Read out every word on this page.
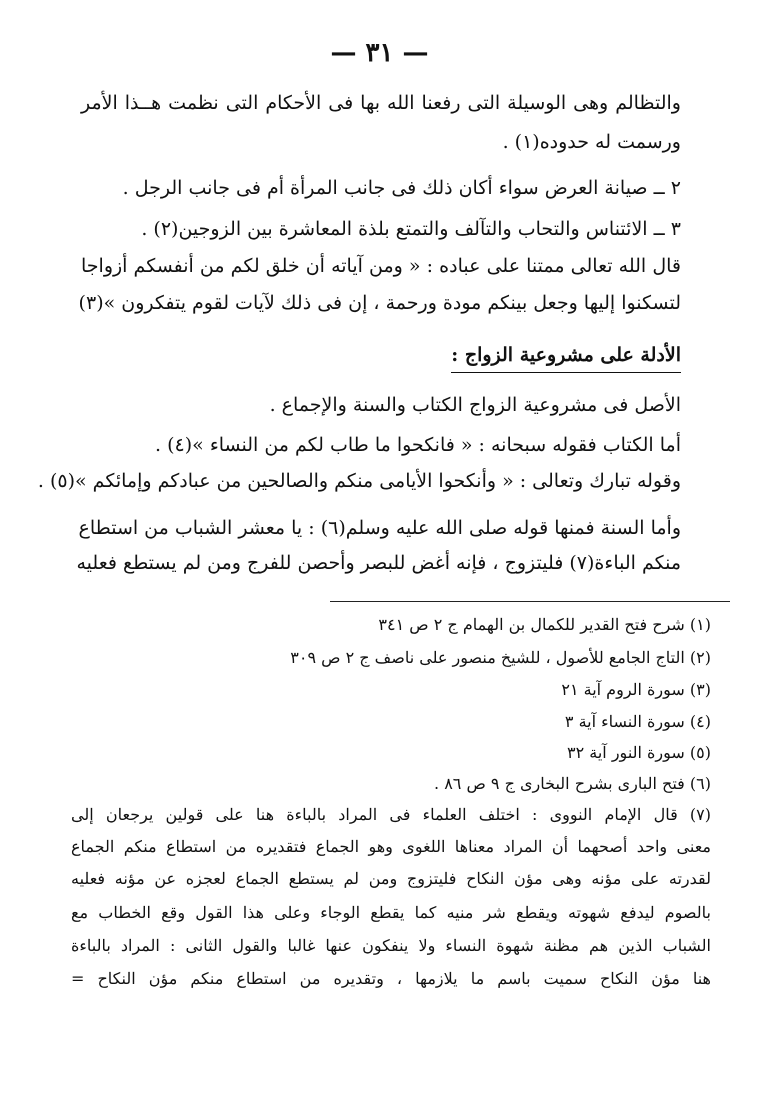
— ٣١ —
والتظالم وهى الوسيلة التى رفعنا الله بها فى الأحكام التى نظمت هــذا الأمر
ورسمت له حدوده(١) .
٢ ــ صيانة العرض سواء أكان ذلك فى جانب المرأة أم فى جانب الرجل .
٣ ــ الائتناس والتحاب والتآلف والتمتع بلذة المعاشرة بين الزوجين(٢) .
قال الله تعالى ممتنا على عباده : « ومن آياته أن خلق لكم من أنفسكم أزواجا
لتسكنوا إليها وجعل بينكم مودة ورحمة ، إن فى ذلك لآيات لقوم يتفكرون »(٣)
الأدلة على مشروعية الزواج :
الأصل فى مشروعية الزواج الكتاب والسنة والإجماع .
أما الكتاب فقوله سبحانه : « فانكحوا ما طاب لكم من النساء »(٤) .
وقوله تبارك وتعالى : « وأنكحوا الأيامى منكم والصالحين من عبادكم وإمائكم »(٥) .
وأما السنة فمنها قوله صلى الله عليه وسلم(٦) : يا معشر الشباب من استطاع
منكم الباءة(٧) فليتزوج ، فإنه أغض للبصر وأحصن للفرج ومن لم يستطع فعليه
(١) شرح فتح القدير للكمال بن الهمام ج ٢ ص ٣٤١
(٢) التاج الجامع للأصول ، للشيخ منصور على ناصف ج ٢ ص ٣٠٩
(٣) سورة الروم آية ٢١
(٤) سورة النساء آية ٣
(٥) سورة النور آية ٣٢
(٦) فتح البارى بشرح البخارى ج ٩ ص ٨٦ .
(٧) قال الإمام النووى : اختلف العلماء فى المراد بالباءة هنا على قولين يرجعان إلى
معنى واحد أصحهما أن المراد معناها اللغوى وهو الجماع فتقديره من استطاع منكم الجماع
لقدرته على مؤنه وهى مؤن النكاح فليتزوج ومن لم يستطع الجماع لعجزه عن مؤنه فعليه
بالصوم ليدفع شهوته ويقطع شر منيه كما يقطع الوجاء وعلى هذا القول وقع الخطاب مع
الشباب الذين هم مظنة شهوة النساء ولا ينفكون عنها غالبا والقول الثانى : المراد بالباءة
هنا مؤن النكاح سميت باسم ما يلازمها ، وتقديره من استطاع منكم مؤن النكاح =
